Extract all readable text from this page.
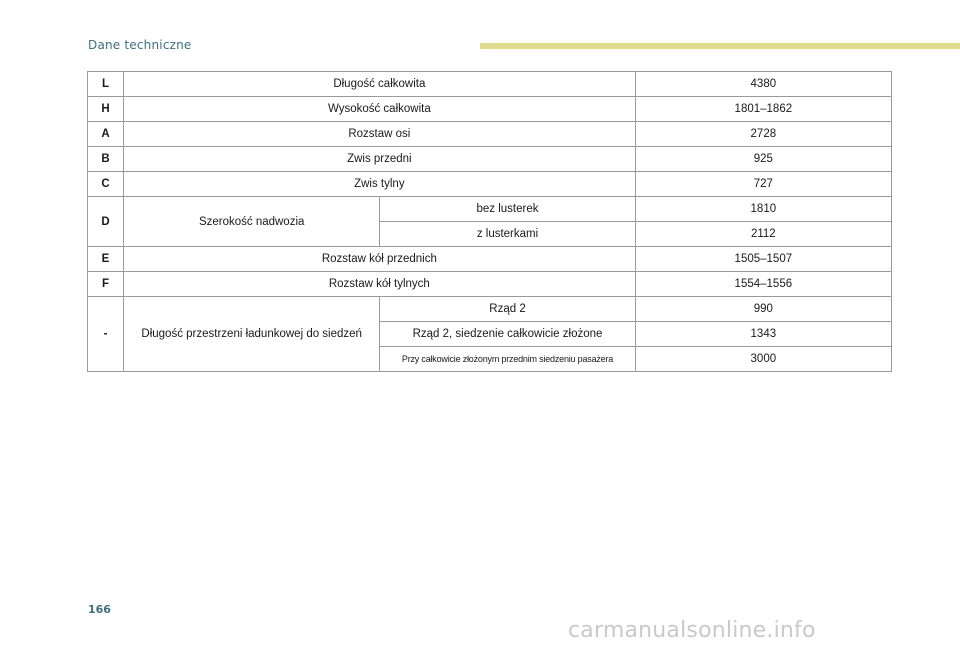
Dane techniczne
L	Długość całkowita		4380
H	Wysokość całkowita		1801–1862
A	Rozstaw osi		2728
B	Zwis przedni		925
C	Zwis tylny		727
D	Szerokość nadwozia	bez lusterek	1810
		z lusterkami	2112
E	Rozstaw kół przednich		1505–1507
F	Rozstaw kół tylnych		1554–1556
-	Długość przestrzeni ładunkowej do siedzeń	Rząd 2	990
		Rząd 2, siedzenie całkowicie złożone	1343
		Przy całkowicie złożonym przednim siedzeniu pasażera	3000
166
carmanualsonline.info
